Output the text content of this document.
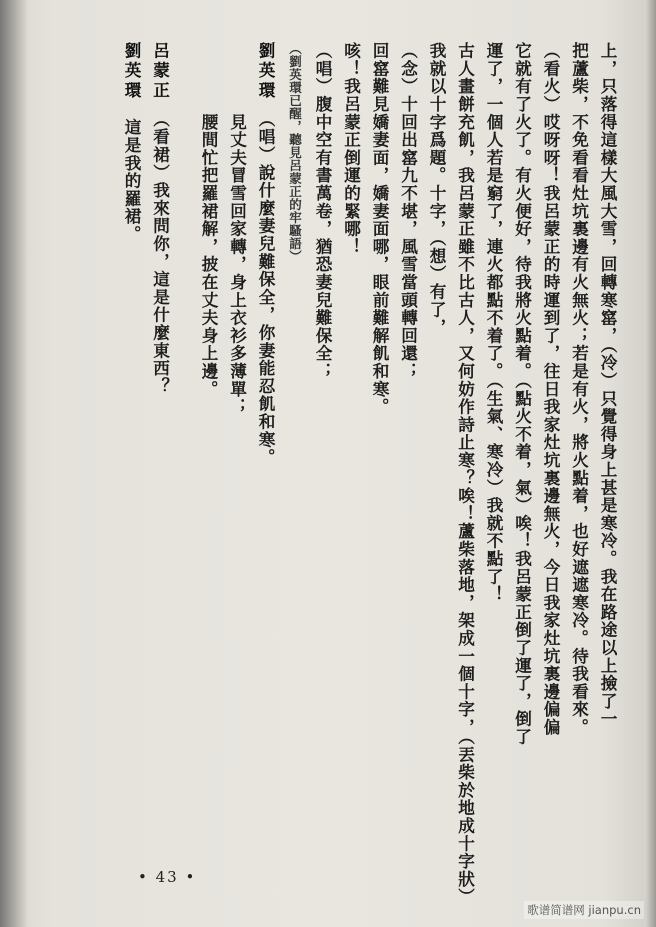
上，只落得這樣大風大雪，回轉寒窰，（冷）只覺得身上甚是寒冷。我在路途以上撿了一
把蘆柴，不免看看灶坑裏邊有火無火；若是有火，將火點着，也好遮遮寒冷。待我看來。
（看火）哎呀呀！我呂蒙正的時運到了，往日我家灶坑裏邊無火，今日我家灶坑裏邊偏偏
它就有了火了。有火便好，待我將火點着。（點火不着，氣）唉！我呂蒙正倒了運了，倒了
運了，一個人若是窮了，連火都點不着了。（生氣、寒冷）我就不點了！
古人畫餅充飢，我呂蒙正雖不比古人，又何妨作詩止寒？唉！蘆柴落地，架成一個十字，（丟柴於地成十字狀）
我就以十字爲題。十字，（想）有了，
（念）十回出窰九不堪，風雪當頭轉回還；
回窰難見嬌妻面，嬌妻面哪，眼前難解飢和寒。
咳！我呂蒙正倒運的緊哪！
（唱）腹中空有書萬卷，猶恐妻兒難保全；
（劉英環已醒，聽見呂蒙正的牢騷語）
劉英環　（唱）說什麼妻兒難保全，你妻能忍飢和寒。
　　　　見丈夫冒雪回家轉，身上衣衫多薄單；
　　　　腰間忙把羅裙解，披在丈夫身上邊。
呂蒙正　（看裙）我來問你，這是什麼東西？
劉英環　這是我的羅裙。
• 43 •
歌谱简谱网 jianpu.cn
